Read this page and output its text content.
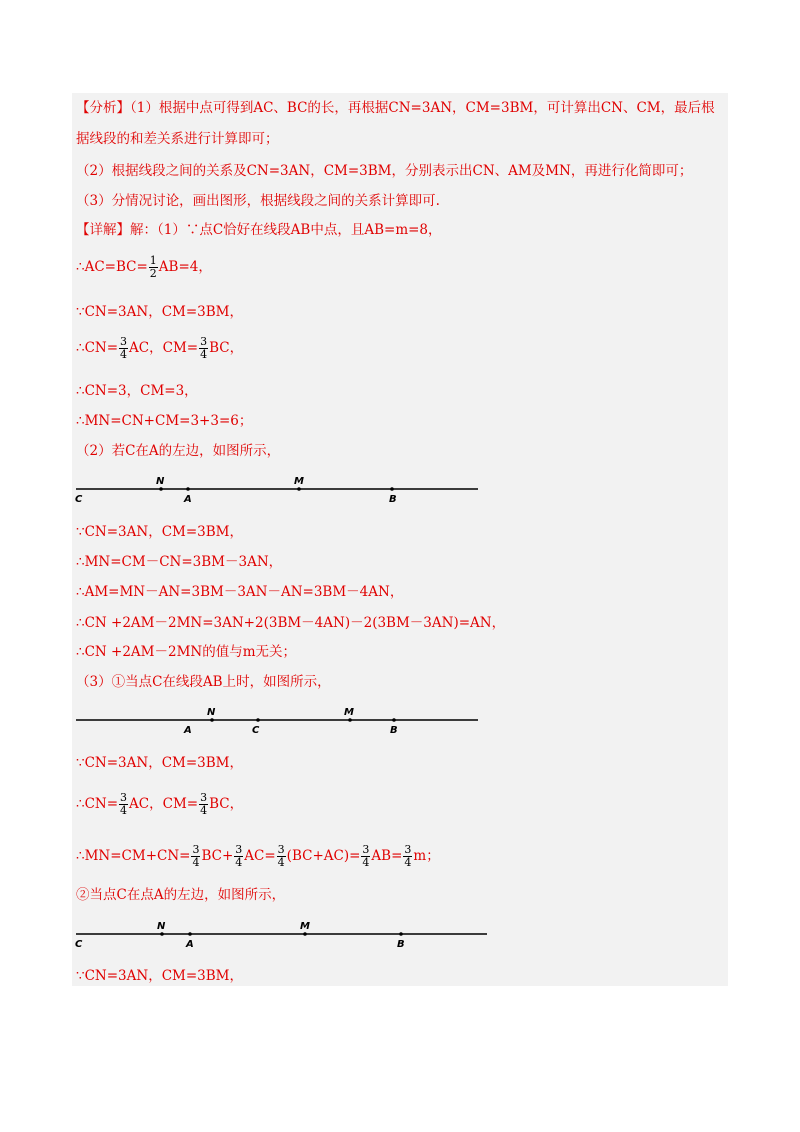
【分析】（1）根据中点可得到AC、BC的长，再根据CN=3AN，CM=3BM，可计算出CN、CM，最后根
据线段的和差关系进行计算即可；
（2）根据线段之间的关系及CN=3AN，CM=3BM，分别表示出CN、AM及MN，再进行化简即可；
（3）分情况讨论，画出图形，根据线段之间的关系计算即可.
【详解】解：（1）∵点C恰好在线段AB中点，且AB=m=8，
∴AC=BC= $\frac{1}{2} AB=4$，
∵CN=3AN，CM=3BM，
∴CN= $\frac{3}{4}$ AC，$CM= \frac{3}{4}$ BC，
∴CN=3，CM=3，
∴MN=CN+CM=3+3=6；
（2）若C在A的左边，如图所示，
C
N
A
M
B
∵CN=3AN，CM=3BM，
∴MN=CM－CN=3BM－3AN，
∴AM=MN－AN=3BM－3AN－AN=3BM－4AN，
∴CN +2AM－2MN=3AN+2(3BM－4AN)－2(3BM－3AN)=AN，
∴CN +2AM－2MN的值与m无关；
（3）①当点C在线段AB上时，如图所示，
N
A	C
M
B
∵CN=3AN，CM=3BM，
∴CN= $\frac{3}{4}$ AC，$CM= \frac{3}{4}$ BC，
∴MN=CM+CN= $\frac{3}{4} BC+ \frac{3}{4} AC= \frac{3}{4} (BC+AC)= \frac{3}{4} AB= \frac{3}{4}$ m；
②当点C在点A的左边，如图所示，
C
N
A
M
B
∵CN=3AN，CM=3BM，
